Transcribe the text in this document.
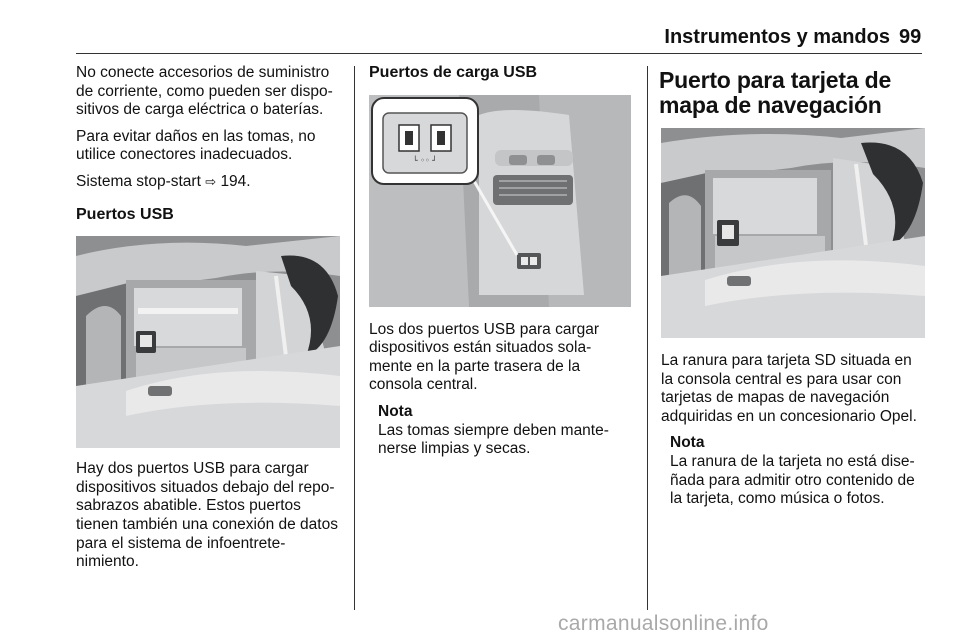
Instrumentos y mandos 99

No conecte accesorios de suministro de corriente, como pueden ser dispo-sitivos de carga eléctrica o baterías.

Para evitar daños en las tomas, no utilice conectores inadecuados.

Sistema stop-start ⇨ 194.

Puertos USB

Hay dos puertos USB para cargar dispositivos situados debajo del repo-sabrazos abatible. Estos puertos tienen también una conexión de datos para el sistema de infoentrete-nimiento.

Puertos de carga USB
└ ◦◦ ┘

Los dos puertos USB para cargar dispositivos están situados sola-mente en la parte trasera de la consola central.

Nota
Las tomas siempre deben mante-nerse limpias y secas.
Puerto para tarjeta de mapa de navegación

La ranura para tarjeta SD situada en la consola central es para usar con tarjetas de mapas de navegación adquiridas en un concesionario Opel.

Nota
La ranura de la tarjeta no está dise-ñada para admitir otro contenido de la tarjeta, como música o fotos.
carmanualsonline.info
